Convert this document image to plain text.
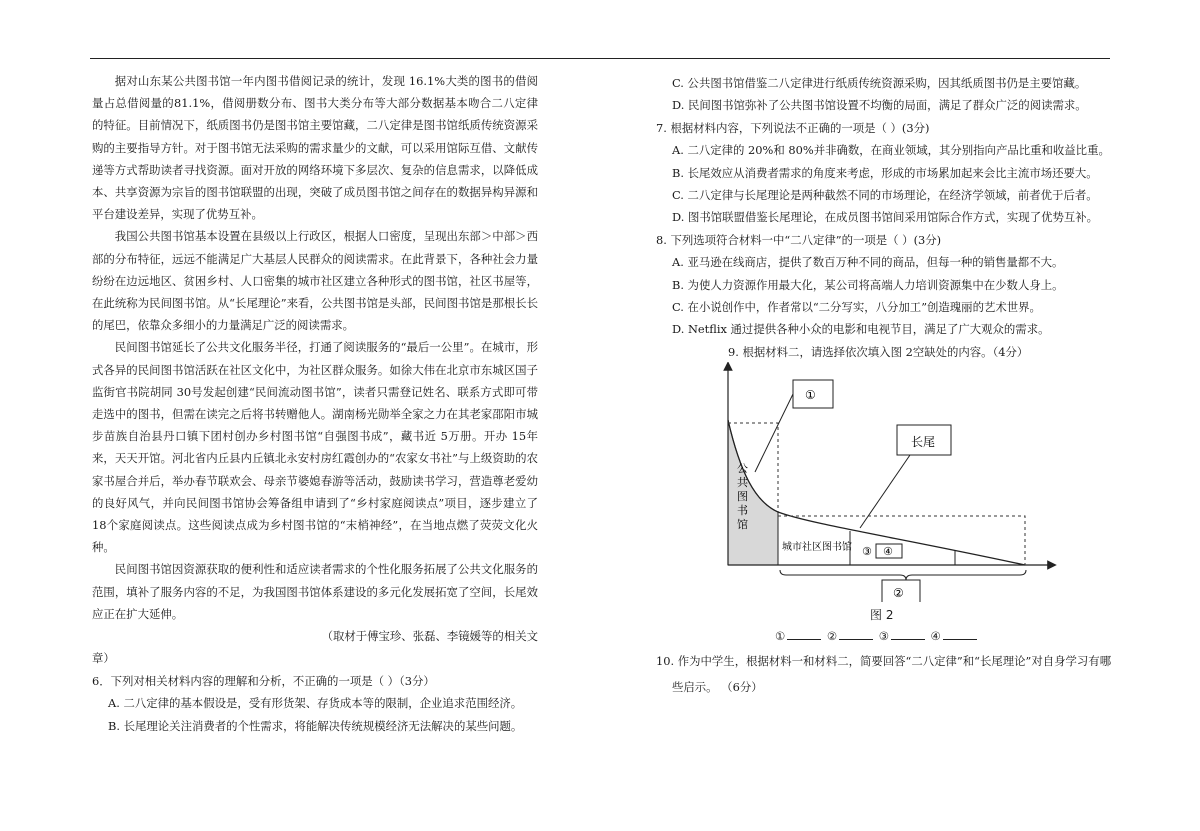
据对山东某公共图书馆一年内图书借阅记录的统计，发现 16.1%大类的图书的借阅量占总借阅量的81.1%，借阅册数分布、图书大类分布等大部分数据基本吻合二八定律的特征。目前情况下，纸质图书仍是图书馆主要馆藏，二八定律是图书馆纸质传统资源采购的主要指导方针。对于图书馆无法采购的需求量少的文献，可以采用馆际互借、文献传递等方式帮助读者寻找资源。面对开放的网络环境下多层次、复杂的信息需求，以降低成本、共享资源为宗旨的图书馆联盟的出现，突破了成员图书馆之间存在的数据异构异源和平台建设差异，实现了优势互补。

我国公共图书馆基本设置在县级以上行政区，根据人口密度，呈现出东部＞中部＞西部的分布特征，远远不能满足广大基层人民群众的阅读需求。在此背景下，各种社会力量纷纷在边远地区、贫困乡村、人口密集的城市社区建立各种形式的图书馆，社区书屋等，在此统称为民间图书馆。从“长尾理论”来看，公共图书馆是头部，民间图书馆是那根长长的尾巴，依靠众多细小的力量满足广泛的阅读需求。

民间图书馆延长了公共文化服务半径，打通了阅读服务的“最后一公里”。在城市，形式各异的民间图书馆活跃在社区文化中，为社区群众服务。如徐大伟在北京市东城区国子监街官书院胡同 30号发起创建“民间流动图书馆”，读者只需登记姓名、联系方式即可带走选中的图书，但需在读完之后将书转赠他人。湖南杨光勋举全家之力在其老家邵阳市城步苗族自治县丹口镇下团村创办乡村图书馆“自强图书成”，藏书近 5万册。开办 15年来，天天开馆。河北省内丘县内丘镇北永安村房红霞创办的“农家女书社”与上级资助的农家书屋合并后，举办春节联欢会、母亲节婆媳春游等活动，鼓励读书学习，营造尊老爱幼的良好风气，并向民间图书馆协会筹备组申请到了“乡村家庭阅读点”项目，逐步建立了 18个家庭阅读点。这些阅读点成为乡村图书馆的“末梢神经”，在当地点燃了荧荧文化火种。

民间图书馆因资源获取的便利性和适应读者需求的个性化服务拓展了公共文化服务的范围，填补了服务内容的不足，为我国图书馆体系建设的多元化发展拓宽了空间，长尾效应正在扩大延伸。

（取材于傅宝珍、张磊、李镜媛等的相关文

章）

6．下列对相关材料内容的理解和分析，不正确的一项是（ ）（3分）

A. 二八定律的基本假设是，受有形货架、存货成本等的限制，企业追求范围经济。

B. 长尾理论关注消费者的个性需求，将能解决传统规模经济无法解决的某些问题。

C. 公共图书馆借鉴二八定律进行纸质传统资源采购，因其纸质图书仍是主要馆藏。

D. 民间图书馆弥补了公共图书馆设置不均衡的局面，满足了群众广泛的阅读需求。

7. 根据材料内容，下列说法不正确的一项是（ ）(3分)

A. 二八定律的 20%和 80%并非确数，在商业领域，其分别指向产品比重和收益比重。

B. 长尾效应从消费者需求的角度来考虑，形成的市场累加起来会比主流市场还要大。

C. 二八定律与长尾理论是两种截然不同的市场理论，在经济学领域，前者优于后者。

D. 图书馆联盟借鉴长尾理论，在成员图书馆间采用馆际合作方式，实现了优势互补。

8. 下列选项符合材料一中“二八定律”的一项是（ ）(3分)

A. 亚马逊在线商店，提供了数百万种不同的商品，但每一种的销售量都不大。

B. 为使人力资源作用最大化，某公司将高端人力培训资源集中在少数人身上。

C. 在小说创作中，作者常以“二分写实，八分加工”创造瑰丽的艺术世界。

D. Netflix 通过提供各种小众的电影和电视节目，满足了广大观众的需求。

9. 根据材料二，请选择依次填入图 2空缺处的内容。（4分）

公
共
图
书
馆
城市社区图书馆 ③ ④
①
长尾
②
图 2
①	②	③	④

10. 作为中学生，根据材料一和材料二，简要回答“二八定律”和“长尾理论”对自身学习有哪

些启示。 （6分）
